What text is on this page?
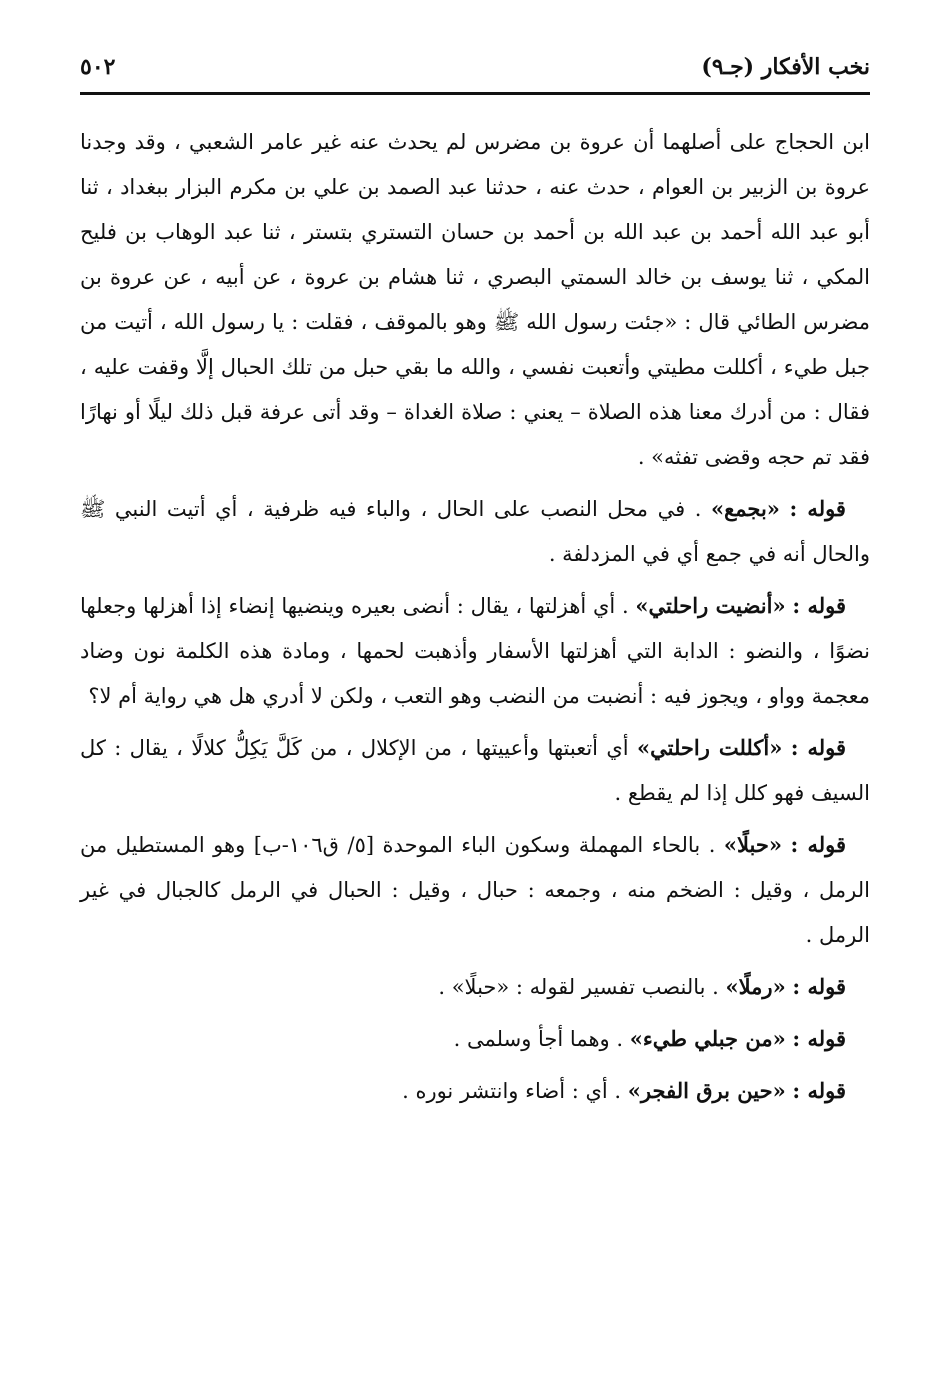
نخب الأفكار (جـ٩)
٥٠٢

ابن الحجاج على أصلهما أن عروة بن مضرس لم يحدث عنه غير عامر الشعبي ، وقد وجدنا عروة بن الزبير بن العوام ، حدث عنه ، حدثنا عبد الصمد بن علي بن مكرم البزار ببغداد ، ثنا أبو عبد الله أحمد بن عبد الله بن أحمد بن حسان التستري بتستر ، ثنا عبد الوهاب بن فليح المكي ، ثنا يوسف بن خالد السمتي البصري ، ثنا هشام بن عروة ، عن أبيه ، عن عروة بن مضرس الطائي قال : «جئت رسول الله ﷺ وهو بالموقف ، فقلت : يا رسول الله ، أتيت من جبل طيء ، أكللت مطيتي وأتعبت نفسي ، والله ما بقي حبل من تلك الحبال إلَّا وقفت عليه ، فقال : من أدرك معنا هذه الصلاة – يعني : صلاة الغداة – وقد أتى عرفة قبل ذلك ليلًا أو نهارًا فقد تم حجه وقضى تفثه» .

قوله : «بجمع» . في محل النصب على الحال ، والباء فيه ظرفية ، أي أتيت النبي ﷺ والحال أنه في جمع أي في المزدلفة .

قوله : «أنضيت راحلتي» . أي أهزلتها ، يقال : أنضى بعيره وينضيها إنضاء إذا أهزلها وجعلها نضوًا ، والنضو : الدابة التي أهزلتها الأسفار وأذهبت لحمها ، ومادة هذه الكلمة نون وضاد معجمة وواو ، ويجوز فيه : أنضبت من النضب وهو التعب ، ولكن لا أدري هل هي رواية أم لا؟

قوله : «أكللت راحلتي» أي أتعبتها وأعييتها ، من الإكلال ، من كَلَّ يَكِلُّ كلالًا ، يقال : كل السيف فهو كلل إذا لم يقطع .

قوله : «حبلًا» . بالحاء المهملة وسكون الباء الموحدة [٥/ ق١٠٦-ب] وهو المستطيل من الرمل ، وقيل : الضخم منه ، وجمعه : حبال ، وقيل : الحبال في الرمل كالجبال في غير الرمل .

قوله : «رملًا» . بالنصب تفسير لقوله : «حبلًا» .

قوله : «من جبلي طيء» . وهما أجأ وسلمى .

قوله : «حين برق الفجر» . أي : أضاء وانتشر نوره .
